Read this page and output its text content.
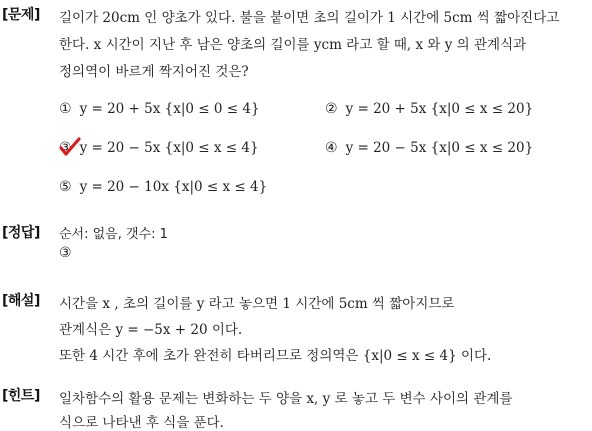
[문제] 길이가 20cm 인 양초가 있다. 불을 붙이면 초의 길이가 1 시간에 5cm 씩 짧아진다고
한다. x 시간이 지난 후 남은 양초의 길이를 ycm 라고 할 때, x 와 y 의 관계식과
정의역이 바르게 짝지어진 것은?
① y = 20 + 5x {x|0 ≤ 0 ≤ 4}	② y = 20 + 5x {x|0 ≤ x ≤ 20}
③ y = 20 − 5x {x|0 ≤ x ≤ 4}	④ y = 20 − 5x {x|0 ≤ x ≤ 20}
⑤ y = 20 − 10x {x|0 ≤ x ≤ 4}
[정답] 순서: 없음, 갯수: 1
③
[해설] 시간을 x , 초의 길이를 y 라고 놓으면 1 시간에 5cm 씩 짧아지므로
관계식은 y = −5x + 20 이다.
또한 4 시간 후에 초가 완전히 타버리므로 정의역은 {x|0 ≤ x ≤ 4} 이다.
[힌트] 일차함수의 활용 문제는 변화하는 두 양을 x, y 로 놓고 두 변수 사이의 관계를
식으로 나타낸 후 식을 푼다.
